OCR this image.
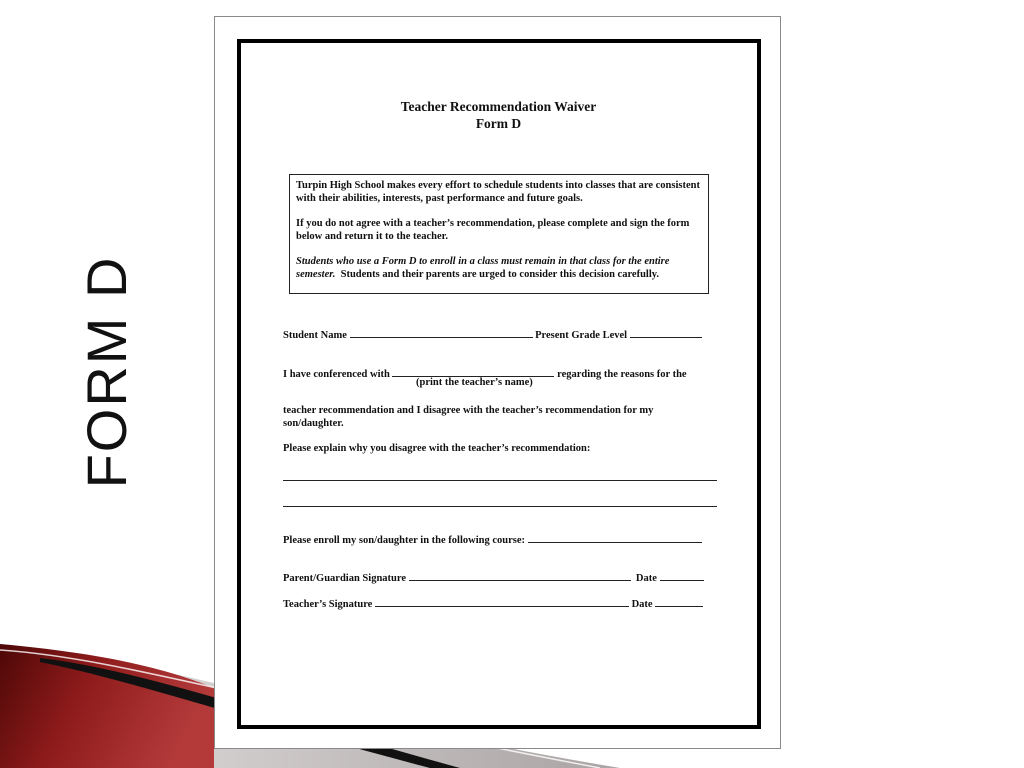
FORM D
Teacher Recommendation Waiver
Form D

Turpin High School makes every effort to schedule students into classes that are consistent with their abilities, interests, past performance and future goals.

If you do not agree with a teacher’s recommendation, please complete and sign the form below and return it to the teacher.

Students who use a Form D to enroll in a class must remain in that class for the entire semester. Students and their parents are urged to consider this decision carefully.

Student Name	Present Grade Level
I have conferenced with	regarding the reasons for the
(print the teacher’s name)
teacher recommendation and I disagree with the teacher’s recommendation for my son/daughter.
Please explain why you disagree with the teacher’s recommendation:
Please enroll my son/daughter in the following course:
Parent/Guardian Signature	Date
Teacher’s Signature	Date
